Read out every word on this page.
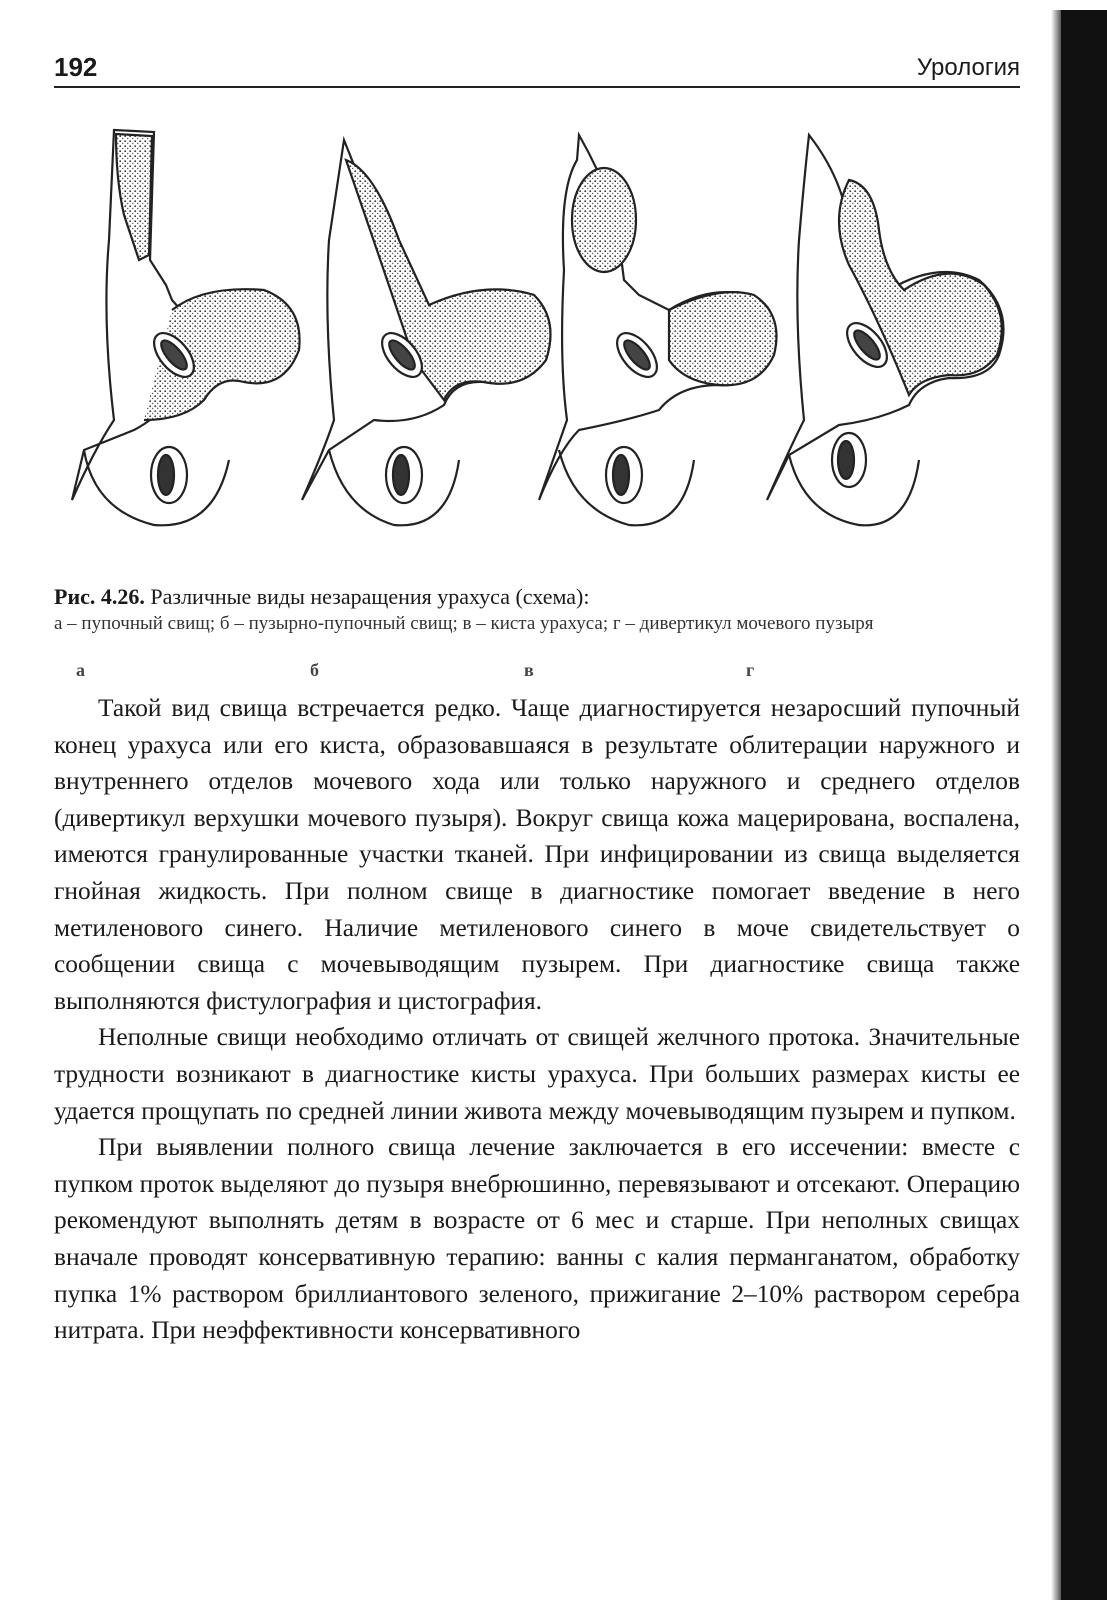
192	Урология
а	б	в	г
Рис. 4.26. Различные виды незаращения урахуса (схема):
а – пупочный свищ; б – пузырно-пупочный свищ; в – киста урахуса; г – дивертикул мочевого пузыря

Такой вид свища встречается редко. Чаще диагностируется незаросший пупочный конец урахуса или его киста, образовавшаяся в результате облитерации наружного и внутреннего отделов мочевого хода или только наружного и среднего отделов (дивертикул верхушки мочевого пузыря). Вокруг свища кожа мацерирована, воспалена, имеются гранулированные участки тканей. При инфицировании из свища выделяется гнойная жидкость. При полном свище в диагностике помогает введение в него метиленового синего. Наличие метиленового синего в моче свидетельствует о сообщении свища с мочевыводящим пузырем. При диагностике свища также выполняются фистулография и цистография.

Неполные свищи необходимо отличать от свищей желчного протока. Значительные трудности возникают в диагностике кисты урахуса. При больших размерах кисты ее удается прощупать по средней линии живота между мочевыводящим пузырем и пупком.

При выявлении полного свища лечение заключается в его иссечении: вместе с пупком проток выделяют до пузыря внебрюшинно, перевязывают и отсекают. Операцию рекомендуют выполнять детям в возрасте от 6 мес и старше. При неполных свищах вначале проводят консервативную терапию: ванны с калия перманганатом, обработку пупка 1% раствором бриллиантового зеленого, прижигание 2–10% раствором серебра нитрата. При неэффективности консервативного
